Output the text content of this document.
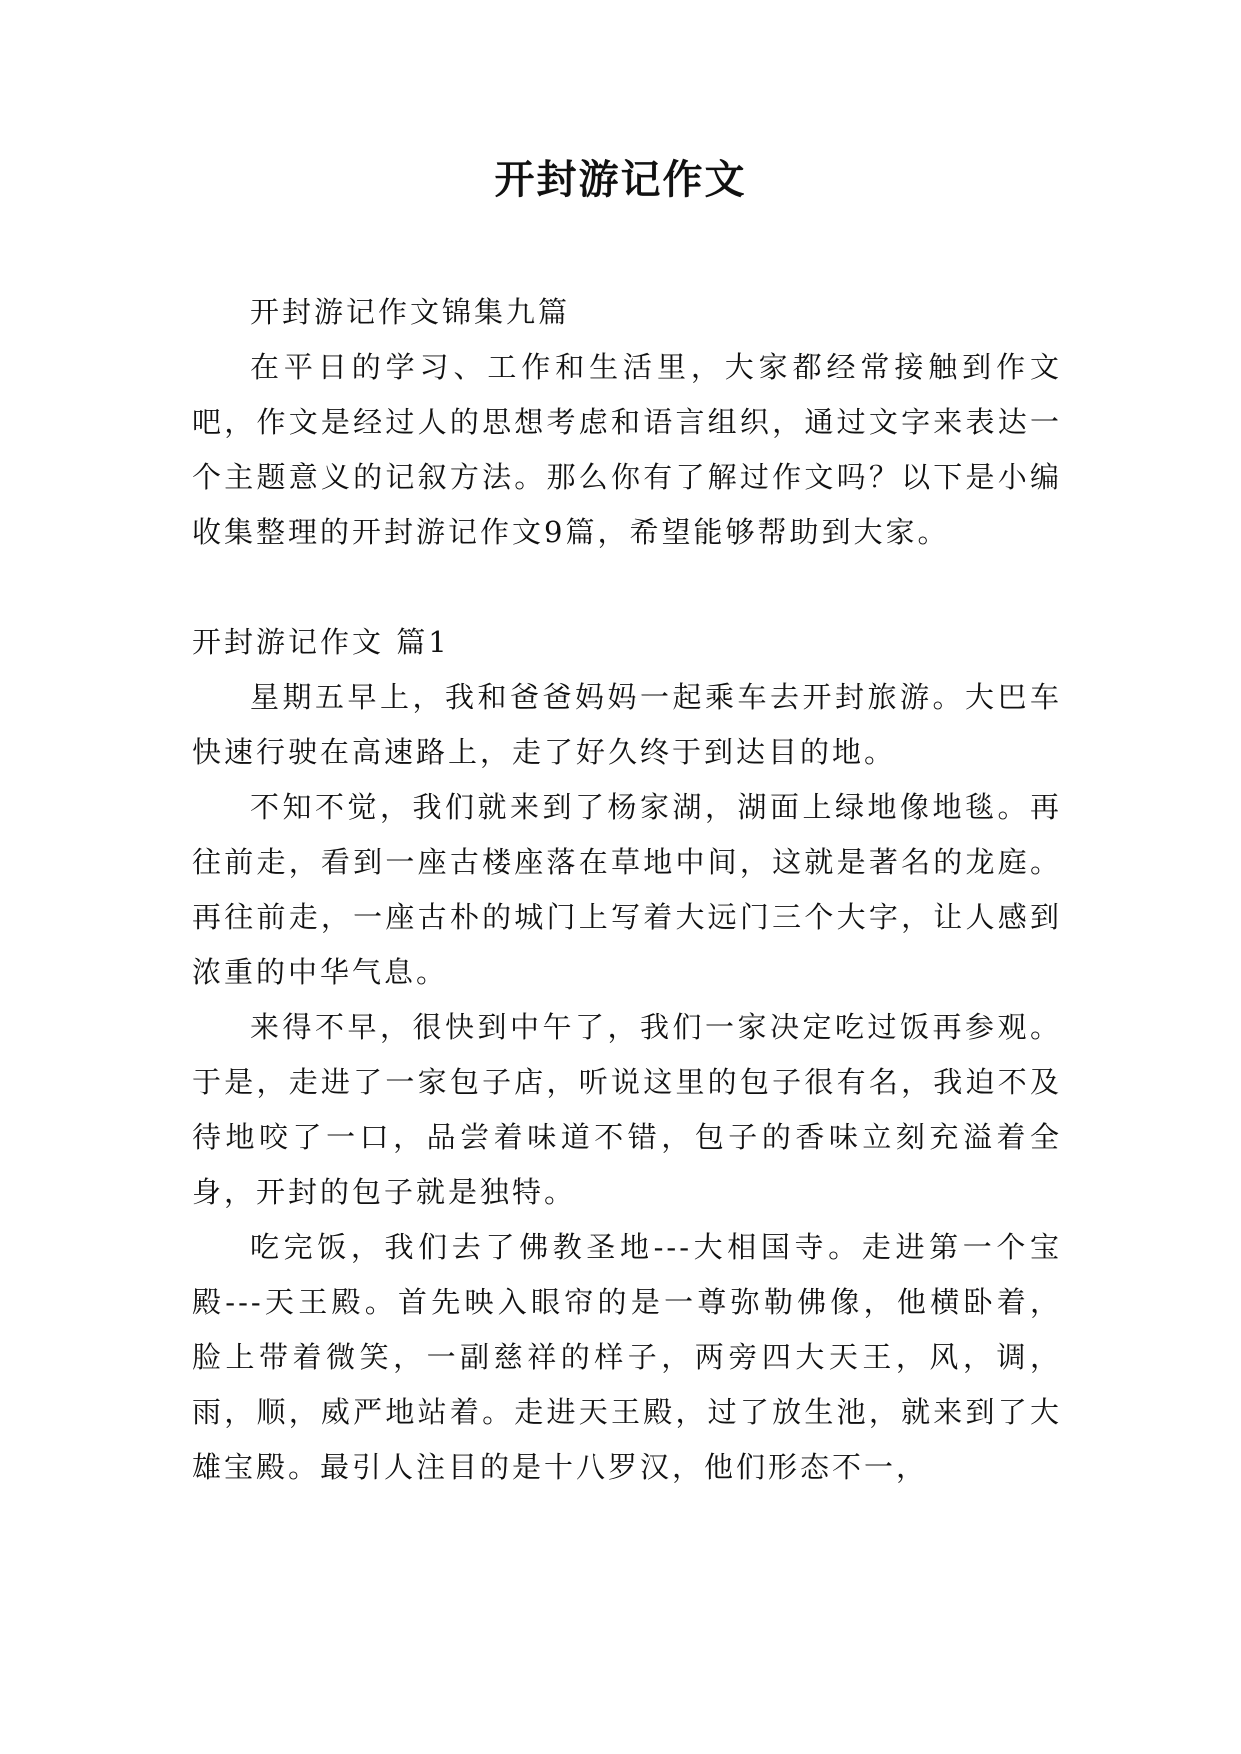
开封游记作文

开封游记作文锦集九篇

在平日的学习、工作和生活里，大家都经常接触到作文吧，作文是经过人的思想考虑和语言组织，通过文字来表达一个主题意义的记叙方法。那么你有了解过作文吗？以下是小编收集整理的开封游记作文9篇，希望能够帮助到大家。

开封游记作文 篇1

星期五早上，我和爸爸妈妈一起乘车去开封旅游。大巴车快速行驶在高速路上，走了好久终于到达目的地。

不知不觉，我们就来到了杨家湖，湖面上绿地像地毯。再往前走，看到一座古楼座落在草地中间，这就是著名的龙庭。再往前走，一座古朴的城门上写着大远门三个大字，让人感到浓重的中华气息。

来得不早，很快到中午了，我们一家决定吃过饭再参观。于是，走进了一家包子店，听说这里的包子很有名，我迫不及待地咬了一口，品尝着味道不错，包子的香味立刻充溢着全身，开封的包子就是独特。

吃完饭，我们去了佛教圣地---大相国寺。走进第一个宝殿---天王殿。首先映入眼帘的是一尊弥勒佛像，他横卧着，脸上带着微笑，一副慈祥的样子，两旁四大天王，风，调，雨，顺，威严地站着。走进天王殿，过了放生池，就来到了大雄宝殿。最引人注目的是十八罗汉，他们形态不一，
